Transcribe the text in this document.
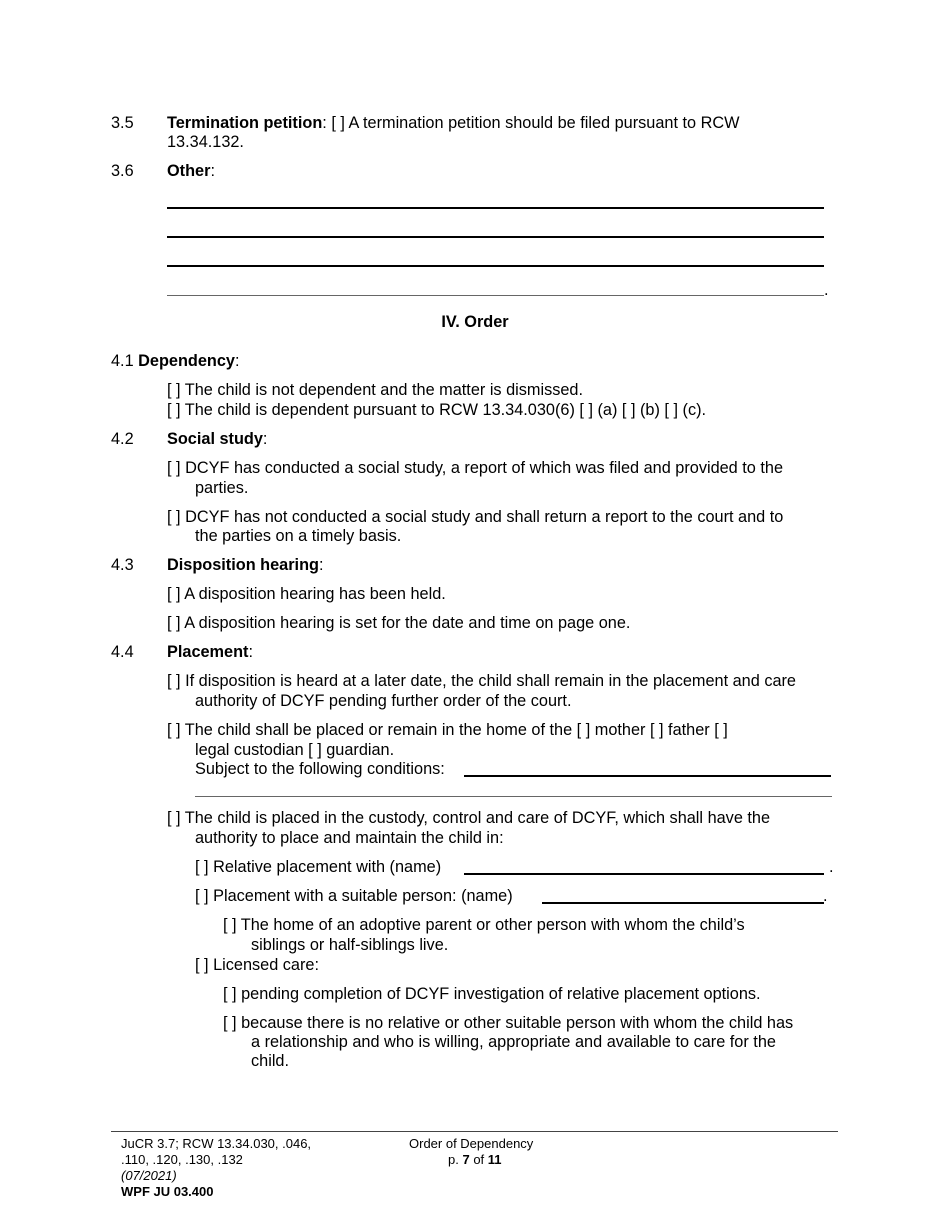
3.5 Termination petition: [ ] A termination petition should be filed pursuant to RCW
13.34.132.
3.6 Other:
.
IV. Order
4.1 Dependency:
[ ] The child is not dependent and the matter is dismissed.
[ ] The child is dependent pursuant to RCW 13.34.030(6) [ ] (a) [ ] (b) [ ] (c).
4.2 Social study:
[ ] DCYF has conducted a social study, a report of which was filed and provided to the
parties.
[ ] DCYF has not conducted a social study and shall return a report to the court and to
the parties on a timely basis.
4.3 Disposition hearing:
[ ] A disposition hearing has been held.
[ ] A disposition hearing is set for the date and time on page one.
4.4 Placement:
[ ] If disposition is heard at a later date, the child shall remain in the placement and care
authority of DCYF pending further order of the court.
[ ] The child shall be placed or remain in the home of the [ ] mother [ ] father [ ]
legal custodian [ ] guardian.
Subject to the following conditions:
[ ] The child is placed in the custody, control and care of DCYF, which shall have the
authority to place and maintain the child in:
[ ] Relative placement with (name)	.
[ ] Placement with a suitable person: (name)	.
[ ] The home of an adoptive parent or other person with whom the child’s
siblings or half-siblings live.
[ ] Licensed care:
[ ] pending completion of DCYF investigation of relative placement options.
[ ] because there is no relative or other suitable person with whom the child has
a relationship and who is willing, appropriate and available to care for the
child.
JuCR 3.7; RCW 13.34.030, .046,
.110, .120, .130, .132
(07/2021)
WPF JU 03.400
Order of Dependency
p. 7 of 11
